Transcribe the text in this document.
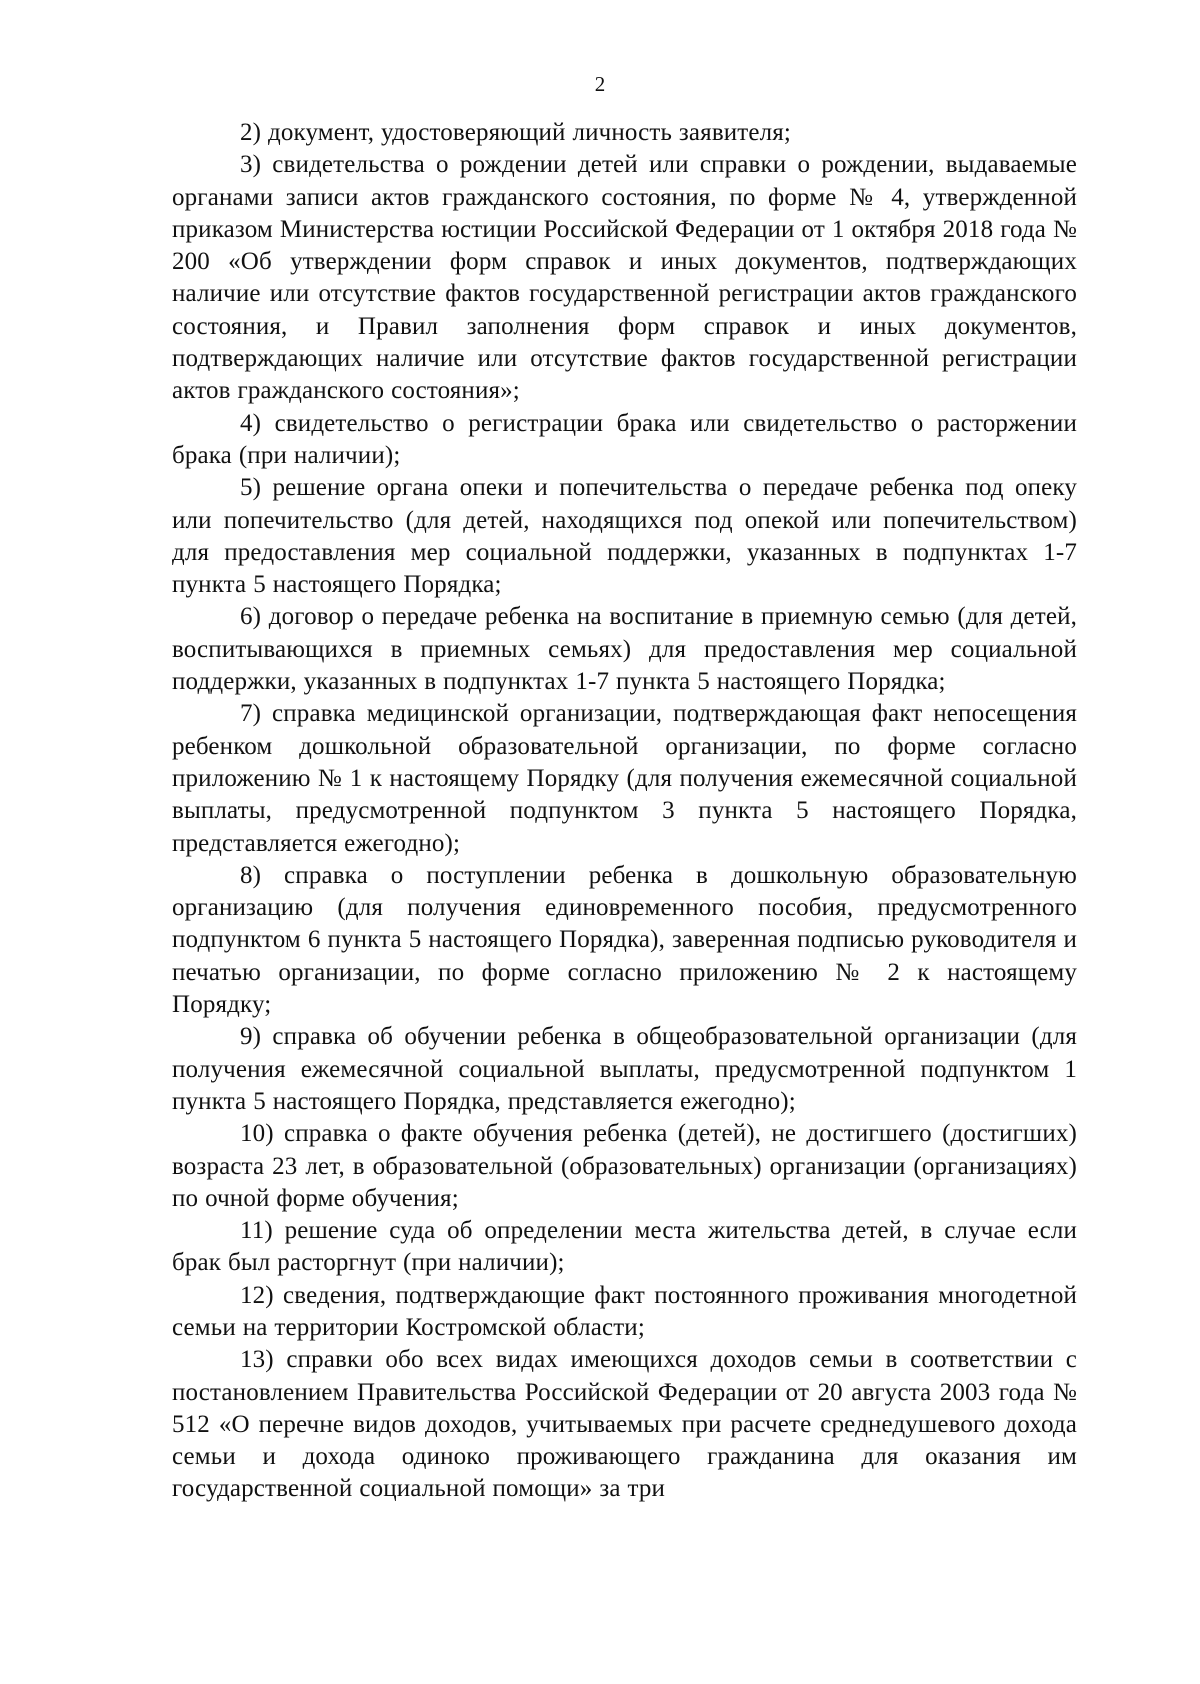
2

2) документ, удостоверяющий личность заявителя;

3) свидетельства о рождении детей или справки о рождении, выдаваемые органами записи актов гражданского состояния, по форме № 4, утвержденной приказом Министерства юстиции Российской Федерации от 1 октября 2018 года № 200 «Об утверждении форм справок и иных документов, подтверждающих наличие или отсутствие фактов государственной регистрации актов гражданского состояния, и Правил заполнения форм справок и иных документов, подтверждающих наличие или отсутствие фактов государственной регистрации актов гражданского состояния»;

4) свидетельство о регистрации брака или свидетельство о расторжении брака (при наличии);

5) решение органа опеки и попечительства о передаче ребенка под опеку или попечительство (для детей, находящихся под опекой или попечительством) для предоставления мер социальной поддержки, указанных в подпунктах 1-7 пункта 5 настоящего Порядка;

6) договор о передаче ребенка на воспитание в приемную семью (для детей, воспитывающихся в приемных семьях) для предоставления мер социальной поддержки, указанных в подпунктах 1-7 пункта 5 настоящего Порядка;

7) справка медицинской организации, подтверждающая факт непосещения ребенком дошкольной образовательной организации, по форме согласно приложению № 1 к настоящему Порядку (для получения ежемесячной социальной выплаты, предусмотренной подпунктом 3 пункта 5 настоящего Порядка, представляется ежегодно);

8) справка о поступлении ребенка в дошкольную образовательную организацию (для получения единовременного пособия, предусмотренного подпунктом 6 пункта 5 настоящего Порядка), заверенная подписью руководителя и печатью организации, по форме согласно приложению № 2 к настоящему Порядку;

9) справка об обучении ребенка в общеобразовательной организации (для получения ежемесячной социальной выплаты, предусмотренной подпунктом 1 пункта 5 настоящего Порядка, представляется ежегодно);

10) справка о факте обучения ребенка (детей), не достигшего (достигших) возраста 23 лет, в образовательной (образовательных) организации (организациях) по очной форме обучения;

11) решение суда об определении места жительства детей, в случае если брак был расторгнут (при наличии);

12) сведения, подтверждающие факт постоянного проживания многодетной семьи на территории Костромской области;

13) справки обо всех видах имеющихся доходов семьи в соответствии с постановлением Правительства Российской Федерации от 20 августа 2003 года № 512 «О перечне видов доходов, учитываемых при расчете среднедушевого дохода семьи и дохода одиноко проживающего гражданина для оказания им государственной социальной помощи» за три
